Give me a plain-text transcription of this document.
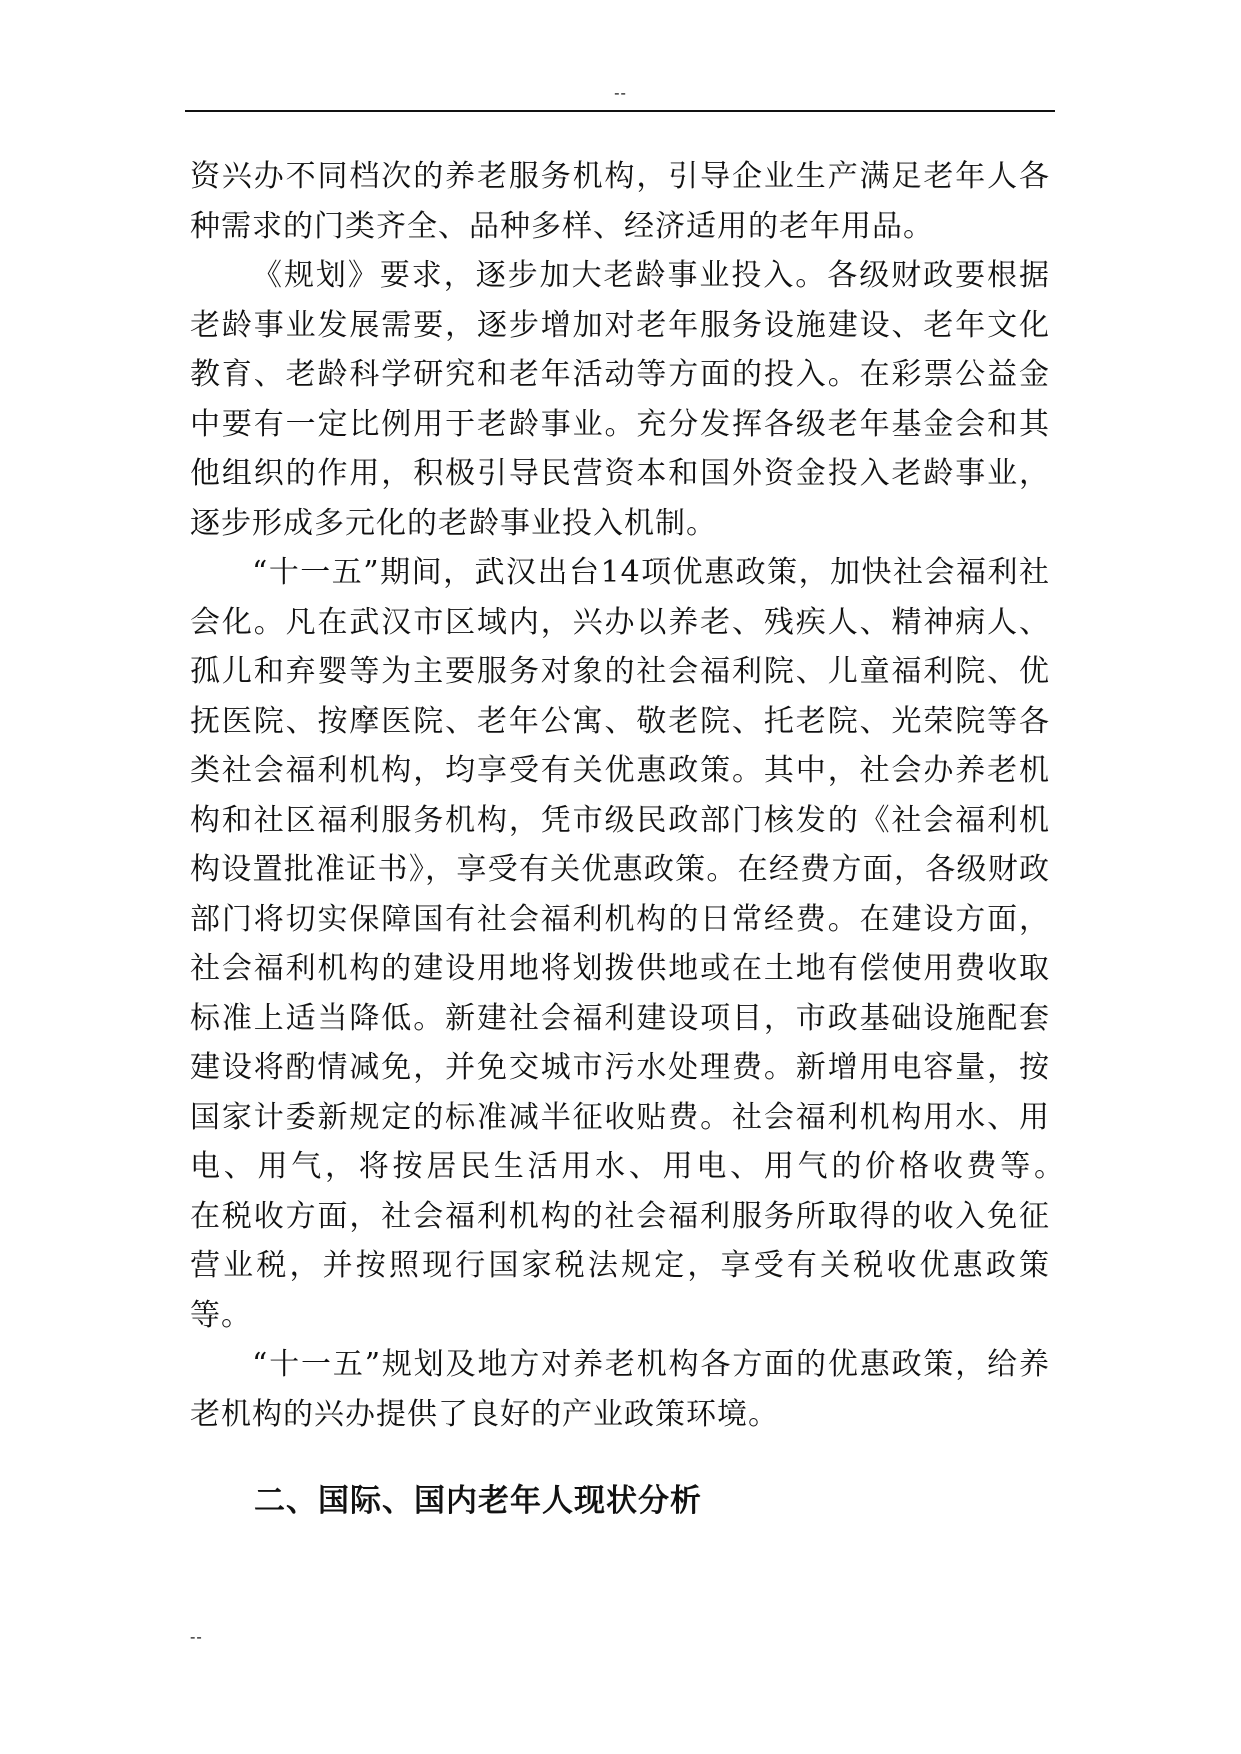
--

资兴办不同档次的养老服务机构，引导企业生产满足老年人各种需求的门类齐全、品种多样、经济适用的老年用品。

《规划》要求，逐步加大老龄事业投入。各级财政要根据老龄事业发展需要，逐步增加对老年服务设施建设、老年文化教育、老龄科学研究和老年活动等方面的投入。在彩票公益金中要有一定比例用于老龄事业。充分发挥各级老年基金会和其他组织的作用，积极引导民营资本和国外资金投入老龄事业，逐步形成多元化的老龄事业投入机制。

“十一五”期间，武汉出台14项优惠政策，加快社会福利社会化。凡在武汉市区域内，兴办以养老、残疾人、精神病人、孤儿和弃婴等为主要服务对象的社会福利院、儿童福利院、优抚医院、按摩医院、老年公寓、敬老院、托老院、光荣院等各类社会福利机构，均享受有关优惠政策。其中，社会办养老机构和社区福利服务机构，凭市级民政部门核发的《社会福利机构设置批准证书》，享受有关优惠政策。在经费方面，各级财政部门将切实保障国有社会福利机构的日常经费。在建设方面，社会福利机构的建设用地将划拨供地或在土地有偿使用费收取标准上适当降低。新建社会福利建设项目，市政基础设施配套建设将酌情减免，并免交城市污水处理费。新增用电容量，按国家计委新规定的标准减半征收贴费。社会福利机构用水、用电、用气，将按居民生活用水、用电、用气的价格收费等。　　在税收方面，社会福利机构的社会福利服务所取得的收入免征营业税，并按照现行国家税法规定，享受有关税收优惠政策等。

“十一五”规划及地方对养老机构各方面的优惠政策，给养老机构的兴办提供了良好的产业政策环境。

二、国际、国内老年人现状分析
--
